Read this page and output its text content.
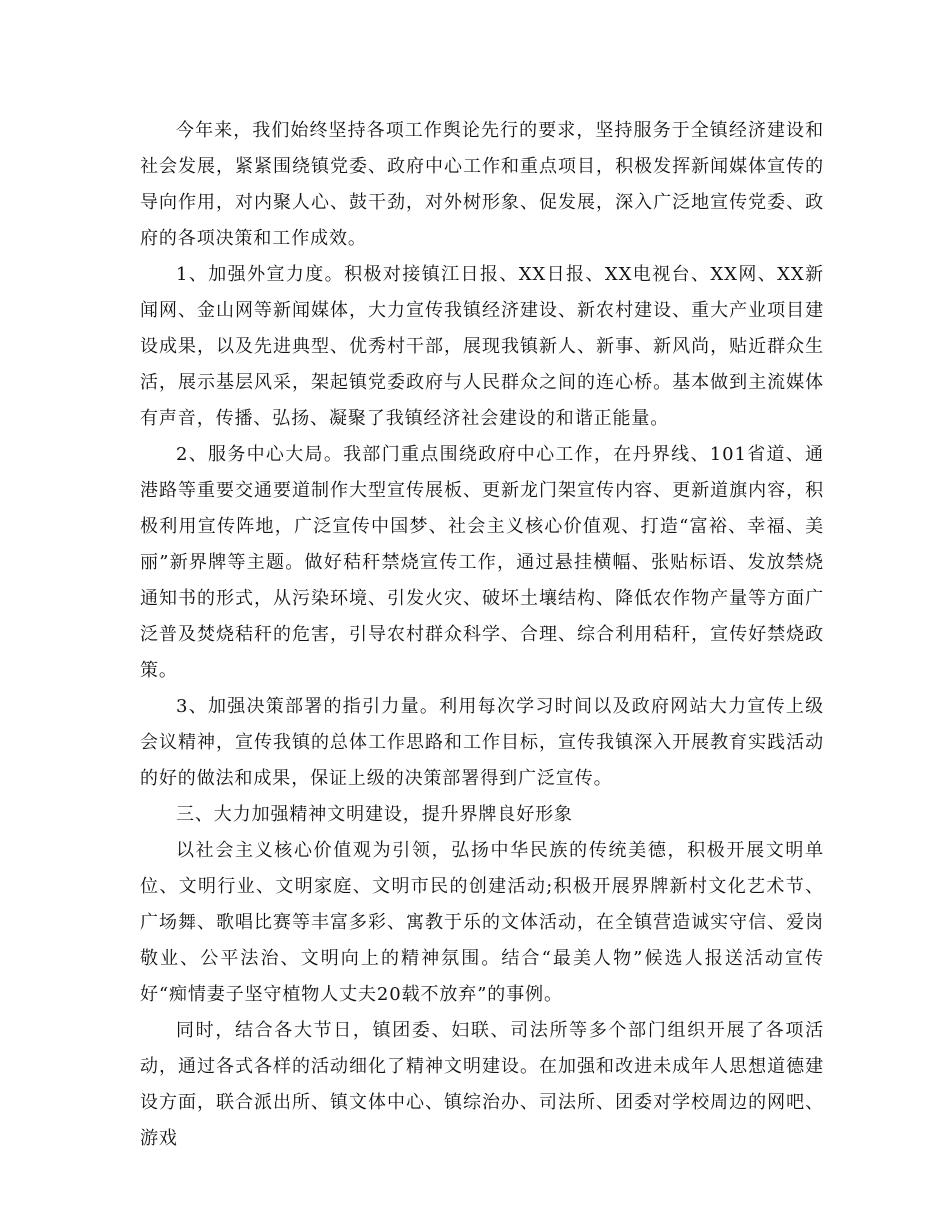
今年来，我们始终坚持各项工作舆论先行的要求，坚持服务于全镇经济建设和社会发展，紧紧围绕镇党委、政府中心工作和重点项目，积极发挥新闻媒体宣传的导向作用，对内聚人心、鼓干劲，对外树形象、促发展，深入广泛地宣传党委、政府的各项决策和工作成效。

1、加强外宣力度。积极对接镇江日报、XX日报、XX电视台、XX网、XX新闻网、金山网等新闻媒体，大力宣传我镇经济建设、新农村建设、重大产业项目建设成果，以及先进典型、优秀村干部，展现我镇新人、新事、新风尚，贴近群众生活，展示基层风采，架起镇党委政府与人民群众之间的连心桥。基本做到主流媒体有声音，传播、弘扬、凝聚了我镇经济社会建设的和谐正能量。

2、服务中心大局。我部门重点围绕政府中心工作，在丹界线、101省道、通港路等重要交通要道制作大型宣传展板、更新龙门架宣传内容、更新道旗内容，积极利用宣传阵地，广泛宣传中国梦、社会主义核心价值观、打造“富裕、幸福、美丽”新界牌等主题。做好秸秆禁烧宣传工作，通过悬挂横幅、张贴标语、发放禁烧通知书的形式，从污染环境、引发火灾、破坏土壤结构、降低农作物产量等方面广泛普及焚烧秸秆的危害，引导农村群众科学、合理、综合利用秸秆，宣传好禁烧政策。

3、加强决策部署的指引力量。利用每次学习时间以及政府网站大力宣传上级会议精神，宣传我镇的总体工作思路和工作目标，宣传我镇深入开展教育实践活动的好的做法和成果，保证上级的决策部署得到广泛宣传。

三、大力加强精神文明建设，提升界牌良好形象

以社会主义核心价值观为引领，弘扬中华民族的传统美德，积极开展文明单位、文明行业、文明家庭、文明市民的创建活动;积极开展界牌新村文化艺术节、广场舞、歌唱比赛等丰富多彩、寓教于乐的文体活动，在全镇营造诚实守信、爱岗敬业、公平法治、文明向上的精神氛围。结合“最美人物”候选人报送活动宣传好“痴情妻子坚守植物人丈夫20载不放弃”的事例。

同时，结合各大节日，镇团委、妇联、司法所等多个部门组织开展了各项活动，通过各式各样的活动细化了精神文明建设。在加强和改进未成年人思想道德建设方面，联合派出所、镇文体中心、镇综治办、司法所、团委对学校周边的网吧、游戏
